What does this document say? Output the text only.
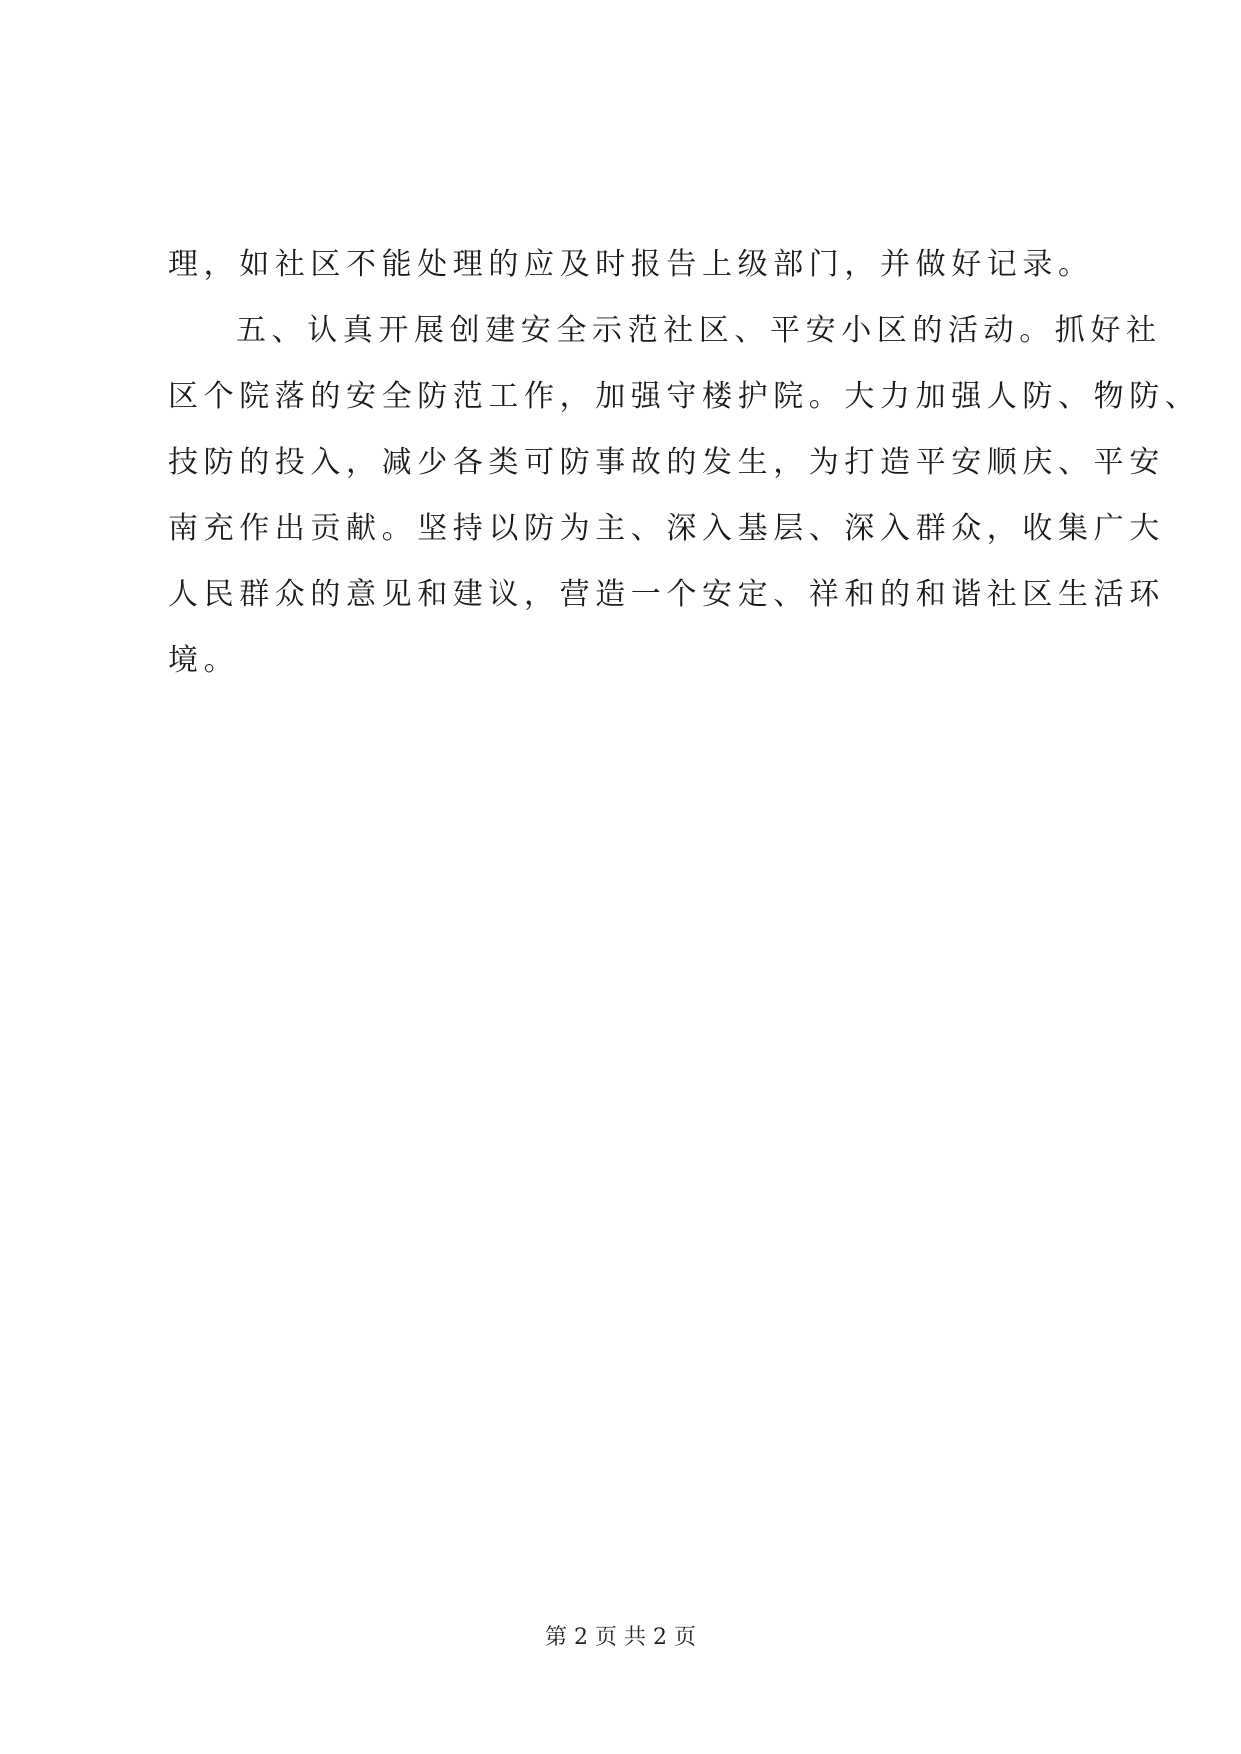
理，如社区不能处理的应及时报告上级部门，并做好记录。
五、认真开展创建安全示范社区、平安小区的活动。抓好社
区个院落的安全防范工作，加强守楼护院。大力加强人防、物防、
技防的投入，减少各类可防事故的发生，为打造平安顺庆、平安
南充作出贡献。坚持以防为主、深入基层、深入群众，收集广大
人民群众的意见和建议，营造一个安定、祥和的和谐社区生活环
境。
第 2 页 共 2 页
